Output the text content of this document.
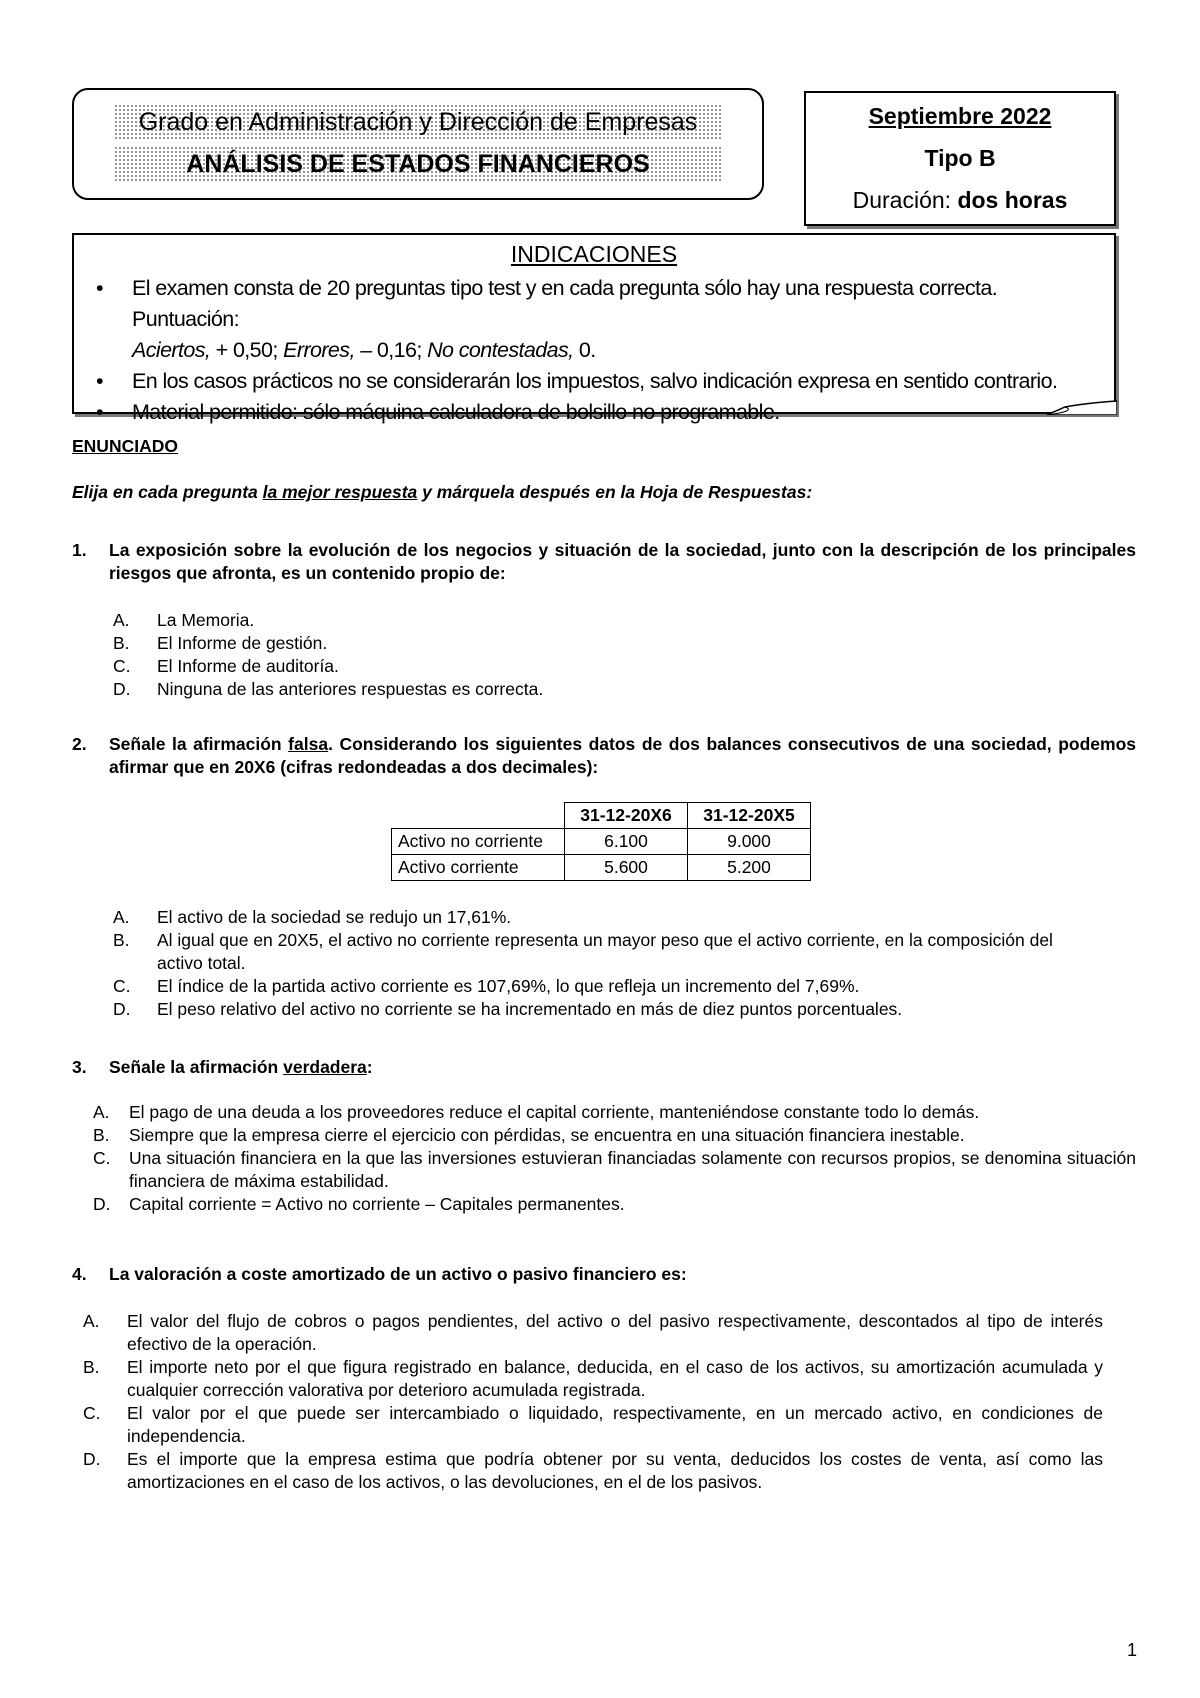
Grado en Administración y Dirección de Empresas
ANÁLISIS DE ESTADOS FINANCIEROS
Septiembre 2022
Tipo B
Duración: dos horas
INDICACIONES
• El examen consta de 20 preguntas tipo test y en cada pregunta sólo hay una respuesta correcta. Puntuación:
Aciertos, + 0,50; Errores, – 0,16; No contestadas, 0.
• En los casos prácticos no se considerarán los impuestos, salvo indicación expresa en sentido contrario.
• Material permitido: sólo máquina calculadora de bolsillo no programable.
ENUNCIADO
Elija en cada pregunta la mejor respuesta y márquela después en la Hoja de Respuestas:
1. La exposición sobre la evolución de los negocios y situación de la sociedad, junto con la descripción de los principales riesgos que afronta, es un contenido propio de:
A. La Memoria.
B. El Informe de gestión.
C. El Informe de auditoría.
D. Ninguna de las anteriores respuestas es correcta.
2. Señale la afirmación falsa. Considerando los siguientes datos de dos balances consecutivos de una sociedad, podemos afirmar que en 20X6 (cifras redondeadas a dos decimales):
	31-12-20X6	31-12-20X5
Activo no corriente	6.100	9.000
Activo corriente	5.600	5.200
A. El activo de la sociedad se redujo un 17,61%.
B. Al igual que en 20X5, el activo no corriente representa un mayor peso que el activo corriente, en la composición del activo total.
C. El índice de la partida activo corriente es 107,69%, lo que refleja un incremento del 7,69%.
D. El peso relativo del activo no corriente se ha incrementado en más de diez puntos porcentuales.
3. Señale la afirmación verdadera:
A. El pago de una deuda a los proveedores reduce el capital corriente, manteniéndose constante todo lo demás.
B. Siempre que la empresa cierre el ejercicio con pérdidas, se encuentra en una situación financiera inestable.
C. Una situación financiera en la que las inversiones estuvieran financiadas solamente con recursos propios, se denomina situación financiera de máxima estabilidad.
D. Capital corriente = Activo no corriente – Capitales permanentes.
4. La valoración a coste amortizado de un activo o pasivo financiero es:
A. El valor del flujo de cobros o pagos pendientes, del activo o del pasivo respectivamente, descontados al tipo de interés efectivo de la operación.
B. El importe neto por el que figura registrado en balance, deducida, en el caso de los activos, su amortización acumulada y cualquier corrección valorativa por deterioro acumulada registrada.
C. El valor por el que puede ser intercambiado o liquidado, respectivamente, en un mercado activo, en condiciones de independencia.
D. Es el importe que la empresa estima que podría obtener por su venta, deducidos los costes de venta, así como las amortizaciones en el caso de los activos, o las devoluciones, en el de los pasivos.
1
